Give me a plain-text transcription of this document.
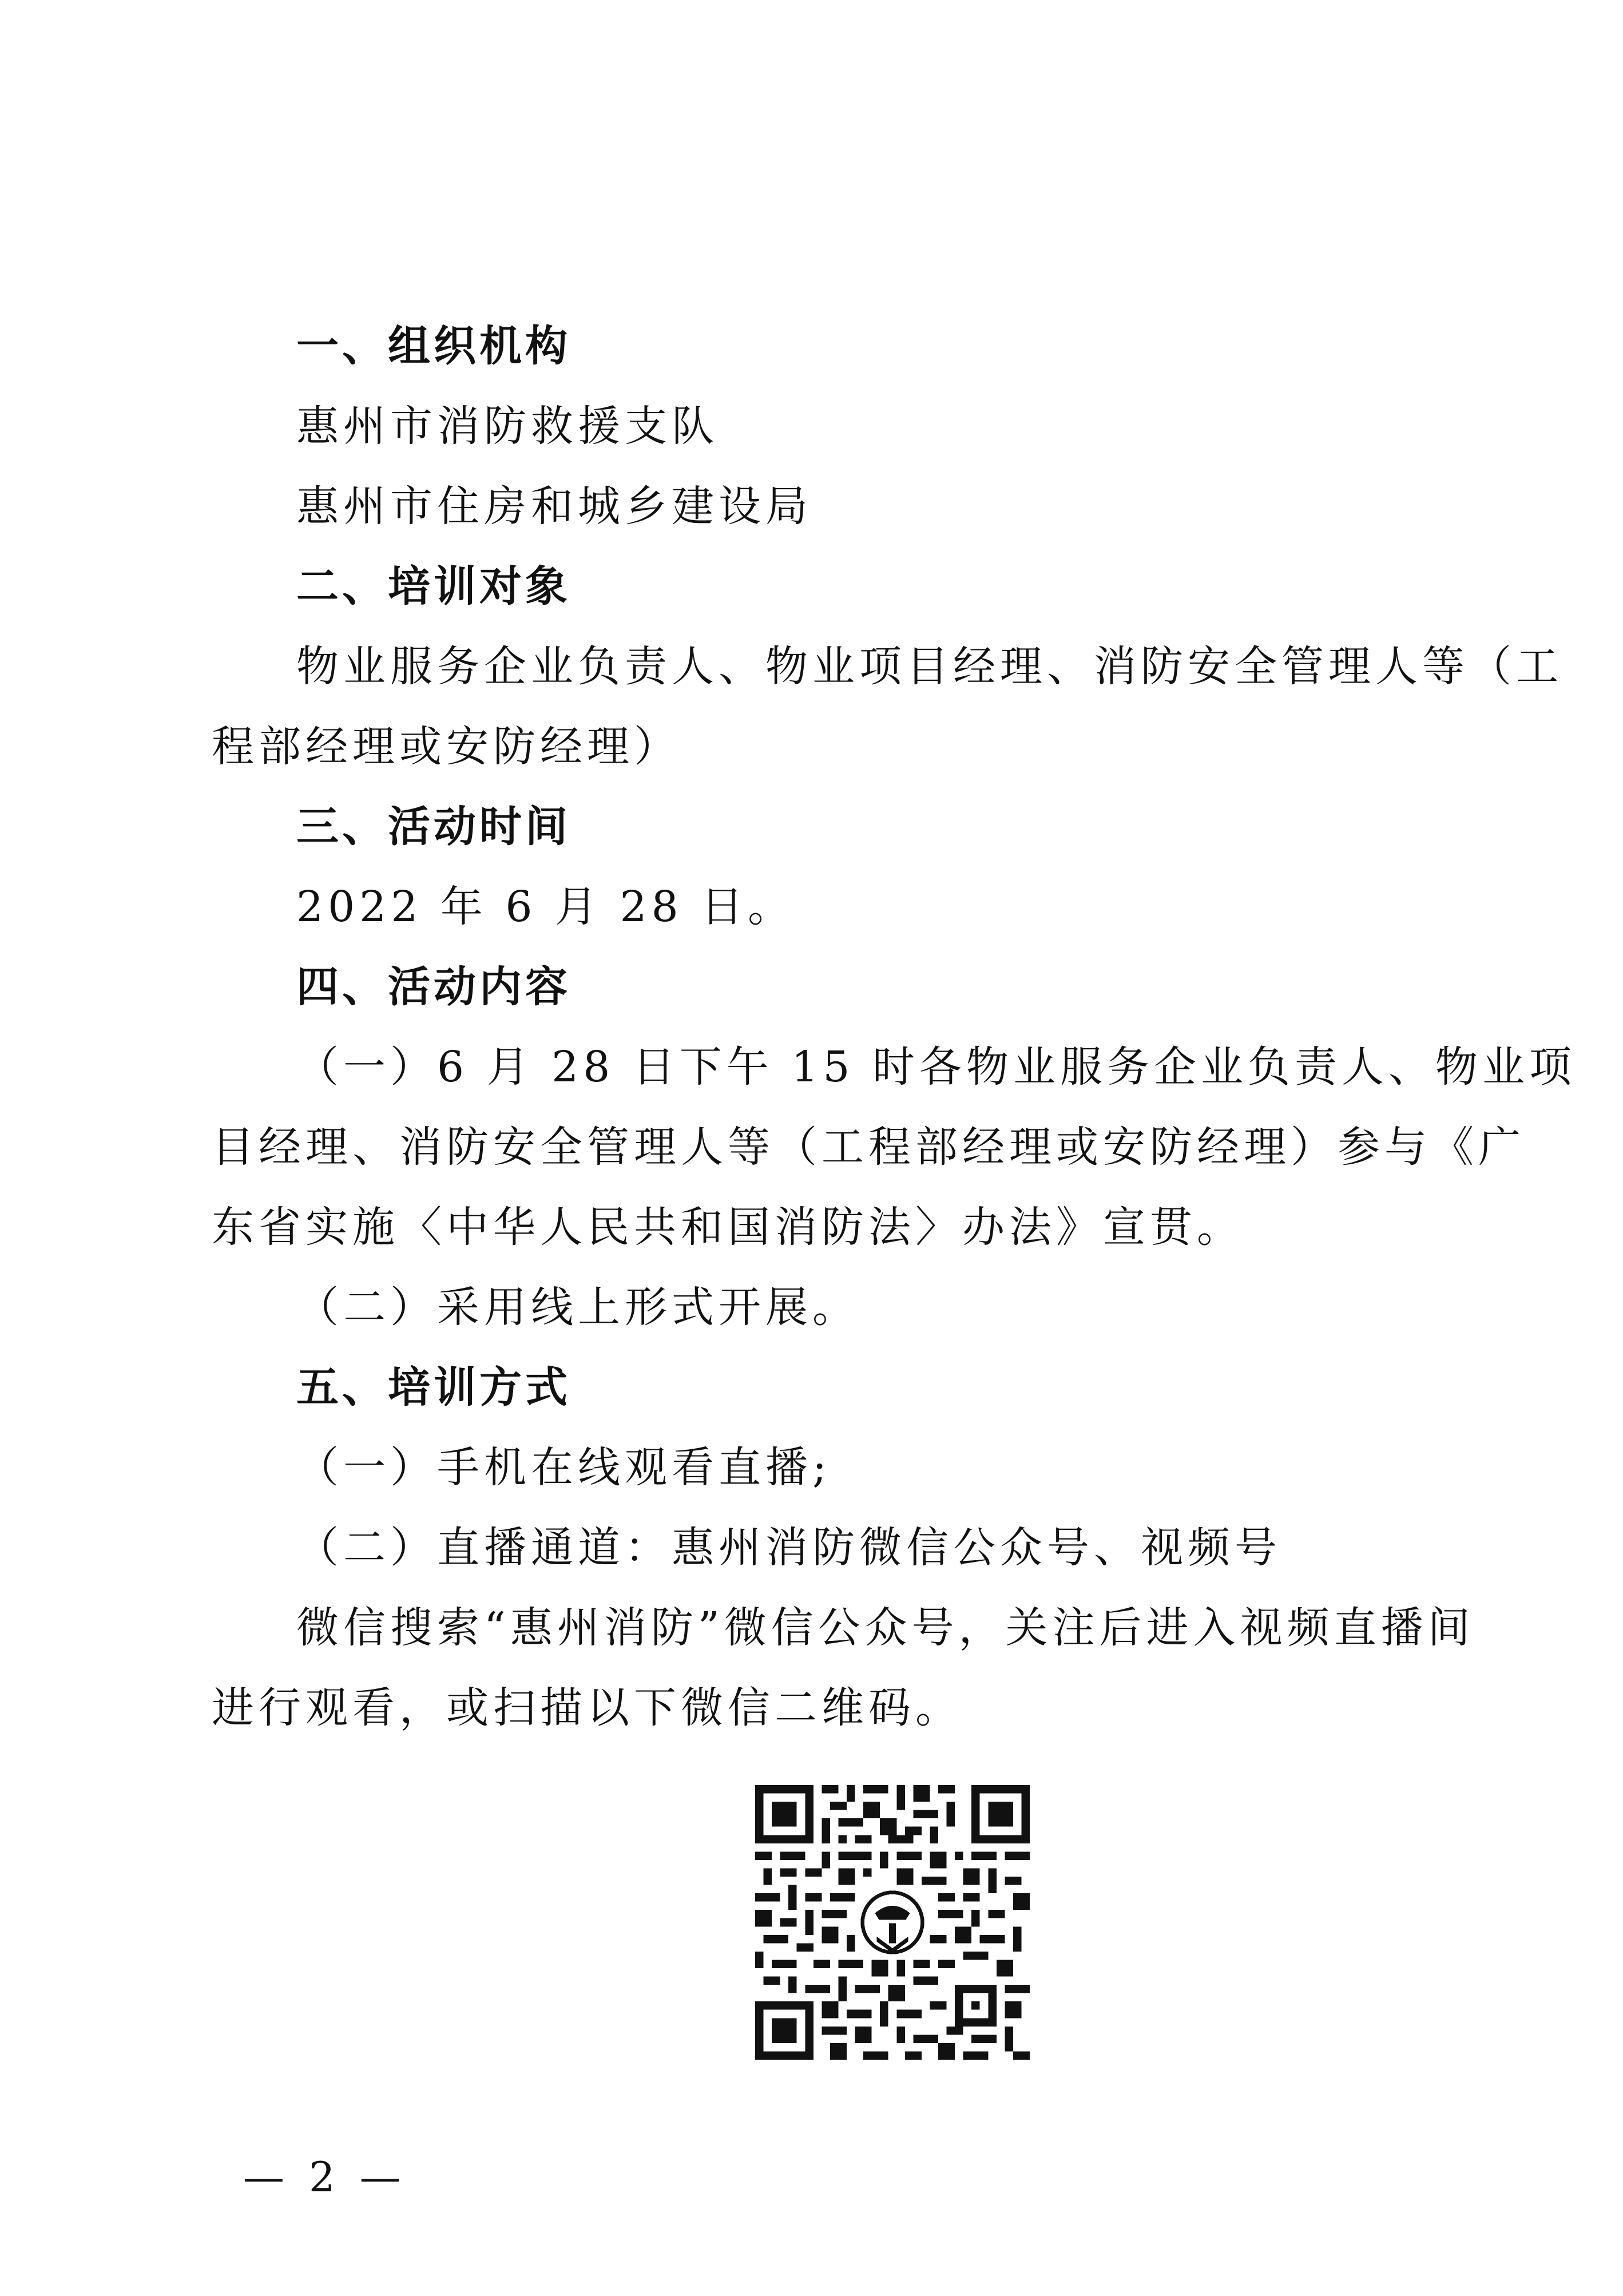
一、组织机构
惠州市消防救援支队
惠州市住房和城乡建设局
二、培训对象
物业服务企业负责人、物业项目经理、消防安全管理人等（工
程部经理或安防经理）
三、活动时间
2022 年 6 月 28 日。
四、活动内容
（一）6 月 28 日下午 15 时各物业服务企业负责人、物业项
目经理、消防安全管理人等（工程部经理或安防经理）参与《广
东省实施〈中华人民共和国消防法〉办法》宣贯。
（二）采用线上形式开展。
五、培训方式
（一）手机在线观看直播;
（二）直播通道：惠州消防微信公众号、视频号
微信搜索“惠州消防”微信公众号，关注后进入视频直播间
进行观看，或扫描以下微信二维码。
— 2 —
